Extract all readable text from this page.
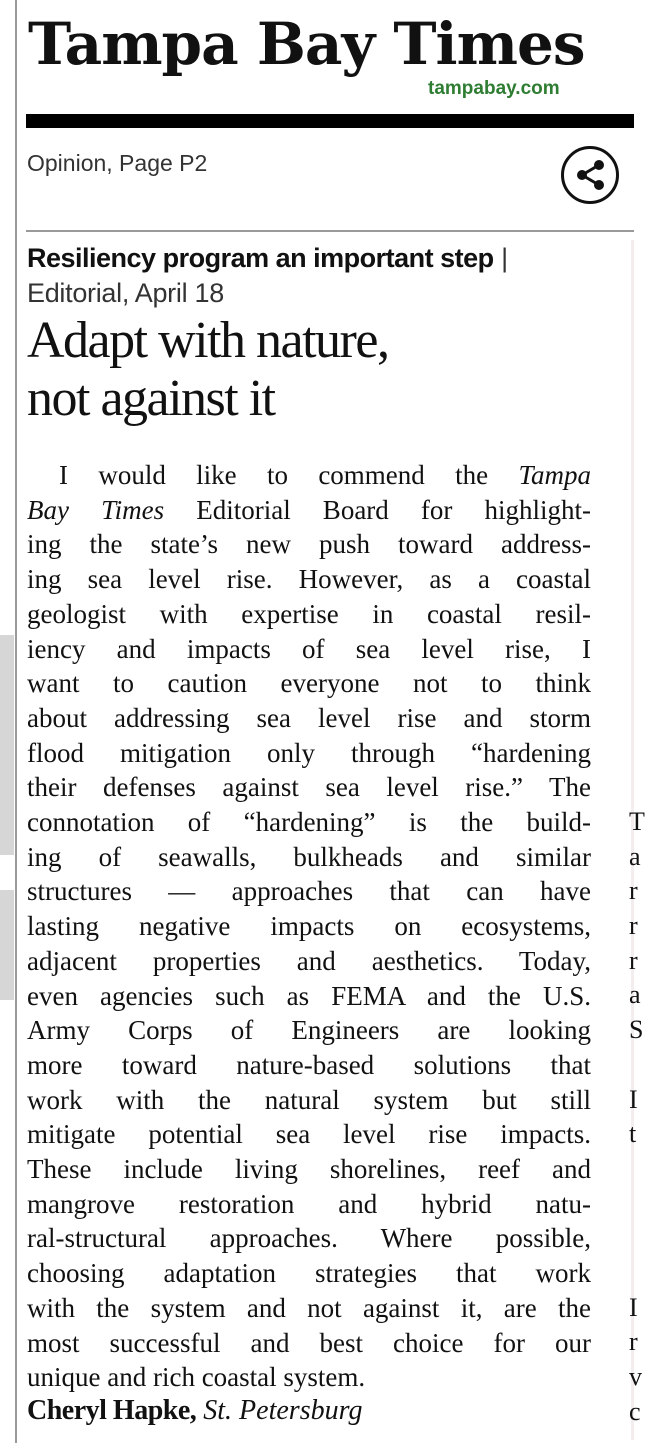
Tampa Bay Times
tampabay.com
Opinion, Page P2
Resiliency program an important step | Editorial, April 18
Adapt with nature,
not against it
I would like to commend the Tampa
Bay Times Editorial Board for highlight-
ing the state’s new push toward address-
ing sea level rise. However, as a coastal
geologist with expertise in coastal resil-
iency and impacts of sea level rise, I
want to caution everyone not to think
about addressing sea level rise and storm
flood mitigation only through “hardening
their defenses against sea level rise.” The
connotation of “hardening” is the build-
ing of seawalls, bulkheads and similar
structures — approaches that can have
lasting negative impacts on ecosystems,
adjacent properties and aesthetics. Today,
even agencies such as FEMA and the U.S.
Army Corps of Engineers are looking
more toward nature-based solutions that
work with the natural system but still
mitigate potential sea level rise impacts.
These include living shorelines, reef and
mangrove restoration and hybrid natu-
ral-structural approaches. Where possible,
choosing adaptation strategies that work
with the system and not against it, are the
most successful and best choice for our
unique and rich coastal system.
Cheryl Hapke, St. Petersburg
T
a
r
r
r
a
S
I
t
I
r
v
c
